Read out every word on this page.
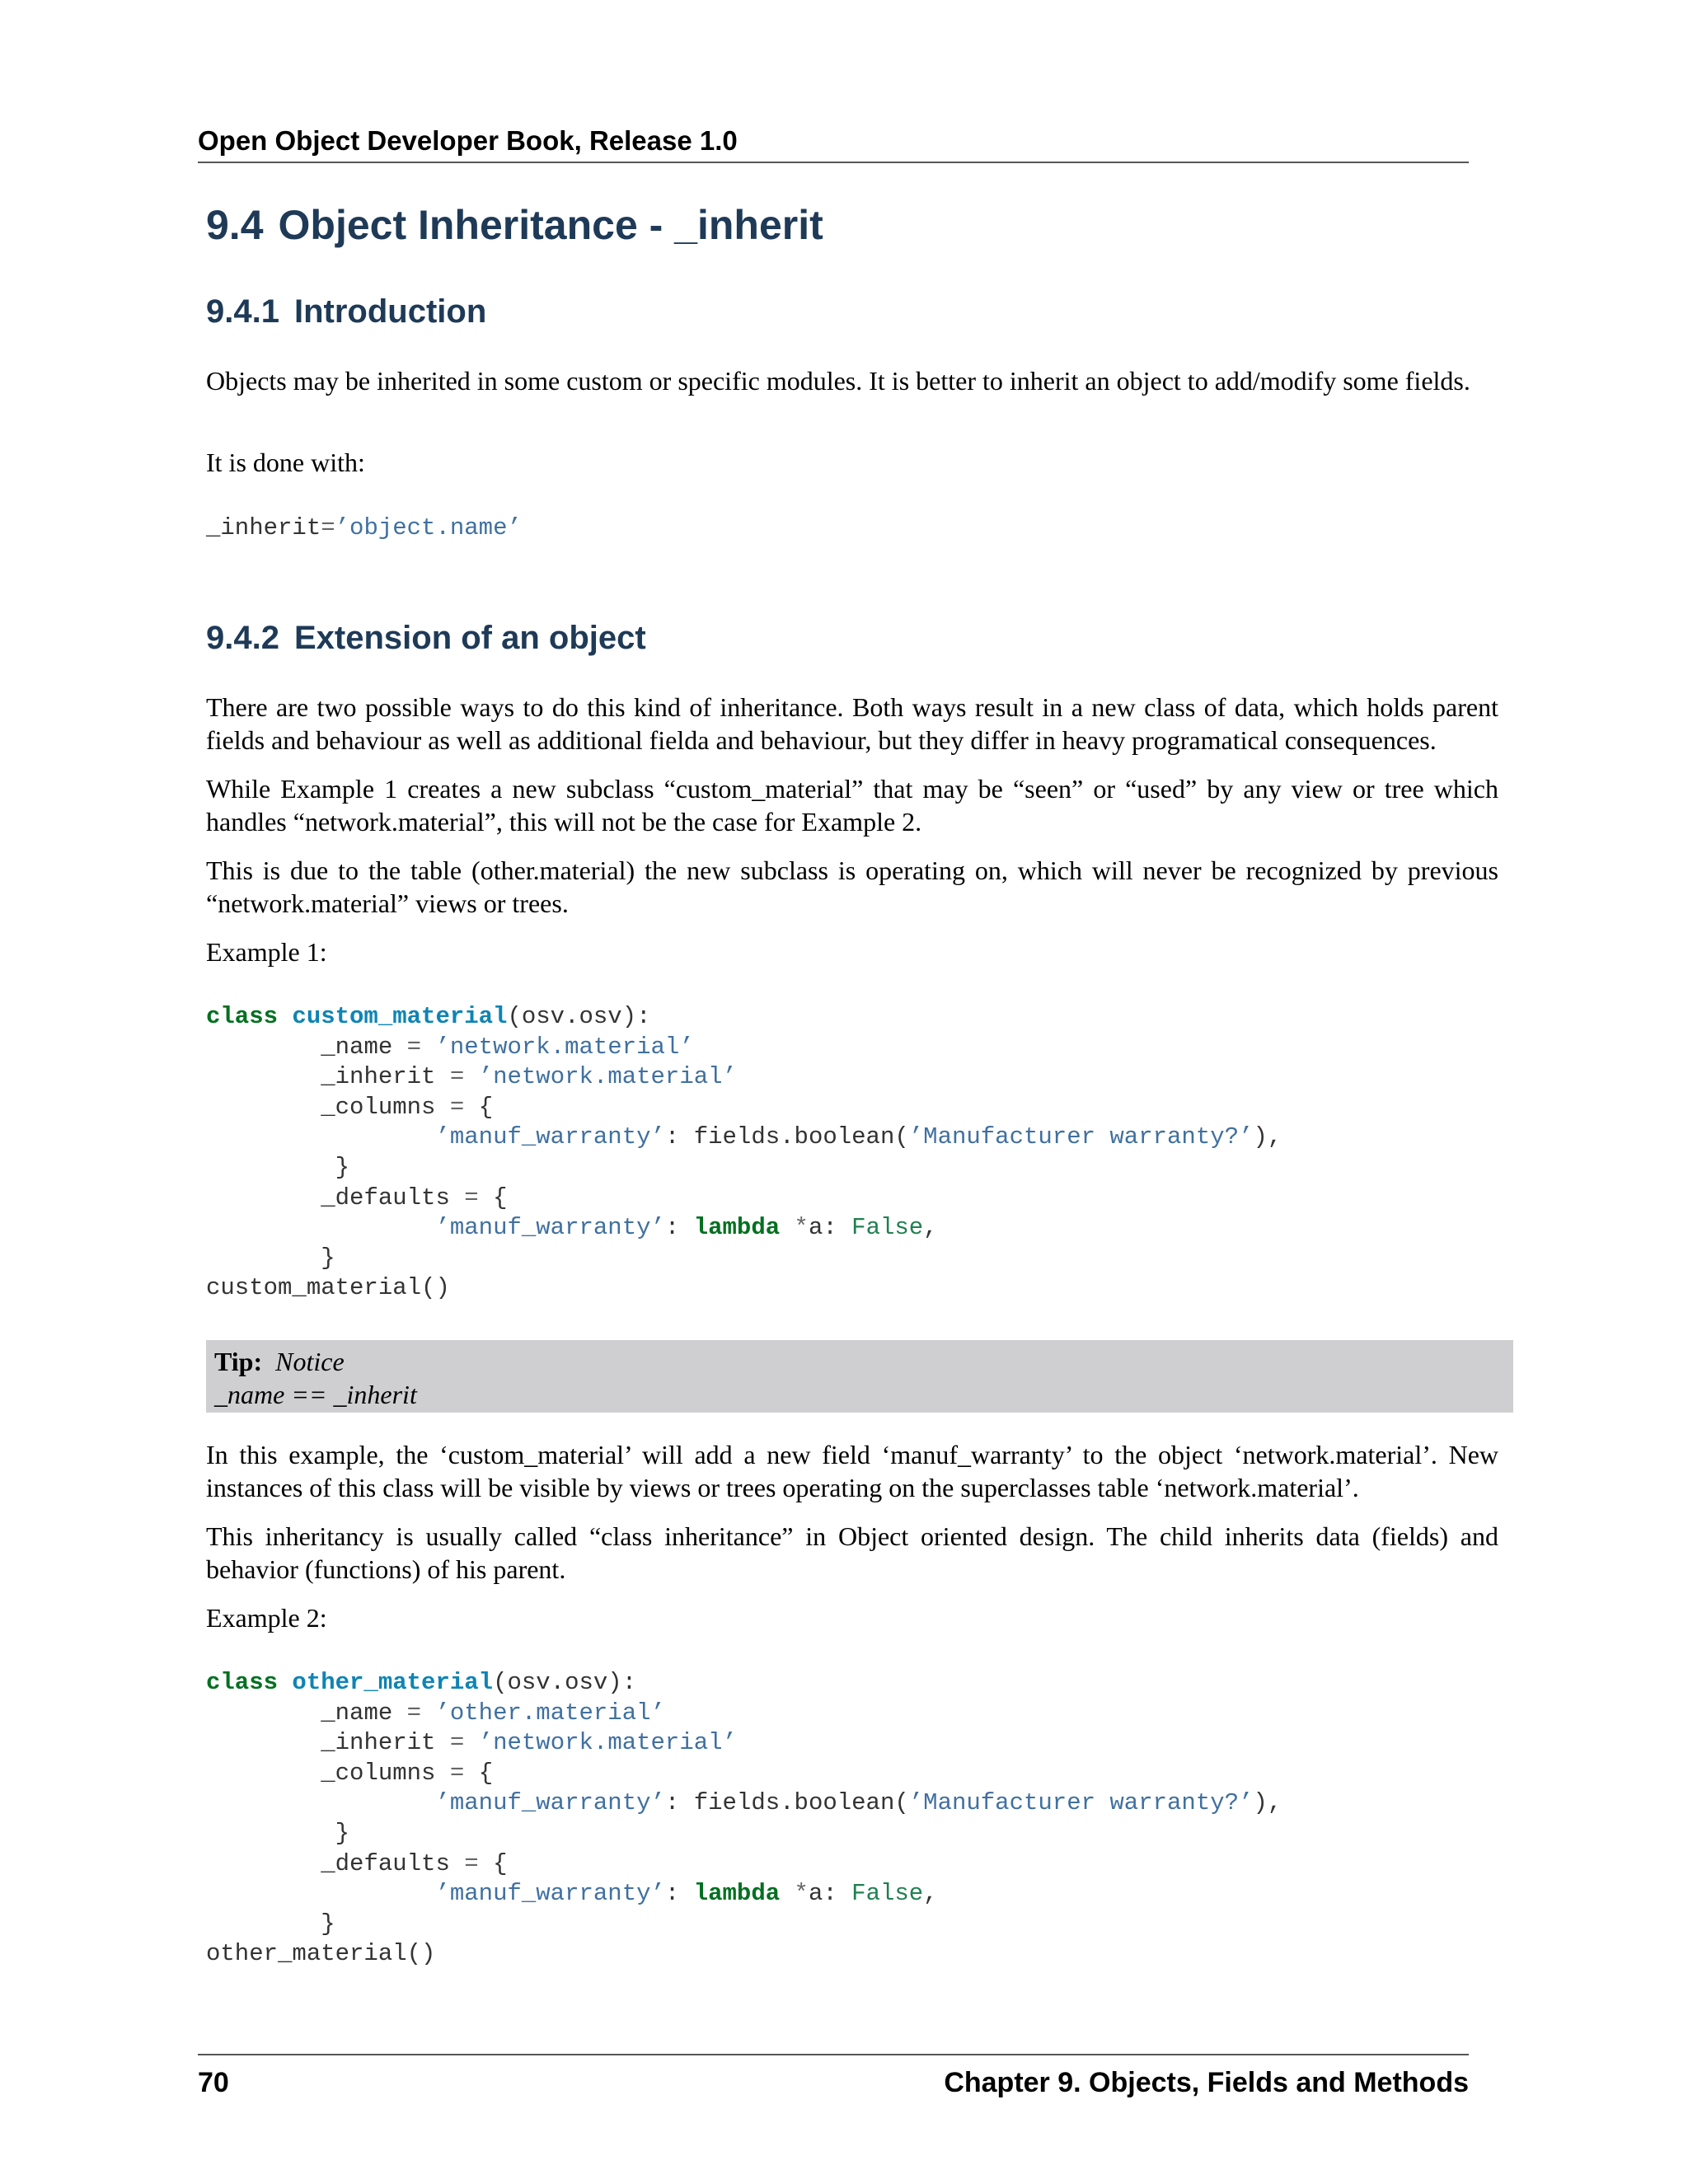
Open Object Developer Book, Release 1.0
9.4 Object Inheritance - _inherit
9.4.1 Introduction

Objects may be inherited in some custom or specific modules. It is better to inherit an object to add/modify some fields.

It is done with:

_inherit=’object.name’
9.4.2 Extension of an object

There are two possible ways to do this kind of inheritance. Both ways result in a new class of data, which holds parent fields and behaviour as well as additional fielda and behaviour, but they differ in heavy programatical consequences.

While Example 1 creates a new subclass “custom_material” that may be “seen” or “used” by any view or tree which handles “network.material”, this will not be the case for Example 2.

This is due to the table (other.material) the new subclass is operating on, which will never be recognized by previous “network.material” views or trees.

Example 1:

class custom_material(osv.osv):
_name = ’network.material’
_inherit = ’network.material’
_columns = {
’manuf_warranty’: fields.boolean(’Manufacturer warranty?’),
}
_defaults = {
’manuf_warranty’: lambda *a: False,
}
custom_material()
Tip: Notice
_name == _inherit

In this example, the ‘custom_material’ will add a new field ‘manuf_warranty’ to the object ‘network.material’. New instances of this class will be visible by views or trees operating on the superclasses table ‘network.material’.

This inheritancy is usually called “class inheritance” in Object oriented design. The child inherits data (fields) and behavior (functions) of his parent.

Example 2:

class other_material(osv.osv):
_name = ’other.material’
_inherit = ’network.material’
_columns = {
’manuf_warranty’: fields.boolean(’Manufacturer warranty?’),
}
_defaults = {
’manuf_warranty’: lambda *a: False,
}
other_material()
70	Chapter 9. Objects, Fields and Methods
